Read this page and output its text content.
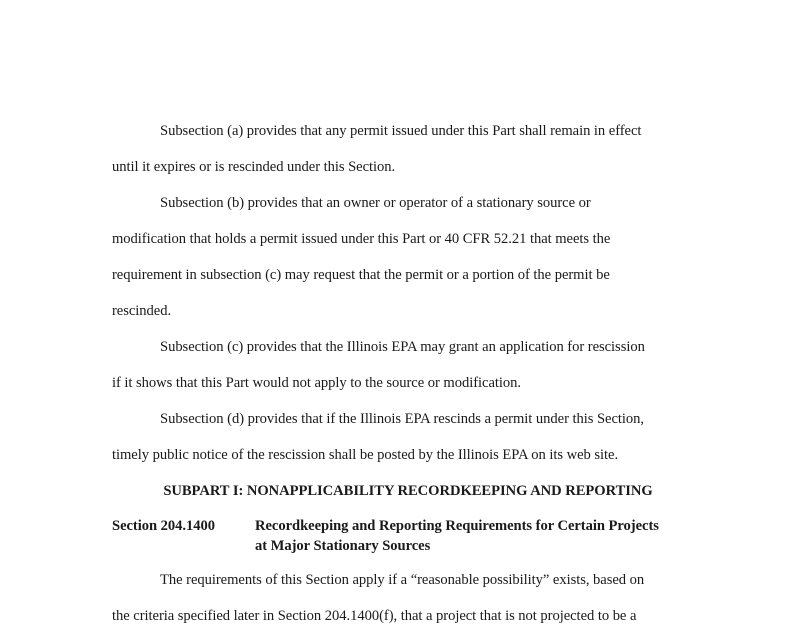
Subsection (a) provides that any permit issued under this Part shall remain in effect
until it expires or is rescinded under this Section.
Subsection (b) provides that an owner or operator of a stationary source or
modification that holds a permit issued under this Part or 40 CFR 52.21 that meets the
requirement in subsection (c) may request that the permit or a portion of the permit be
rescinded.
Subsection (c) provides that the Illinois EPA may grant an application for rescission
if it shows that this Part would not apply to the source or modification.
Subsection (d) provides that if the Illinois EPA rescinds a permit under this Section,
timely public notice of the rescission shall be posted by the Illinois EPA on its web site.
SUBPART I: NONAPPLICABILITY RECORDKEEPING AND REPORTING
Section 204.1400	Recordkeeping and Reporting Requirements for Certain Projects
at Major Stationary Sources
The requirements of this Section apply if a “reasonable possibility” exists, based on
the criteria specified later in Section 204.1400(f), that a project that is not projected to be a
